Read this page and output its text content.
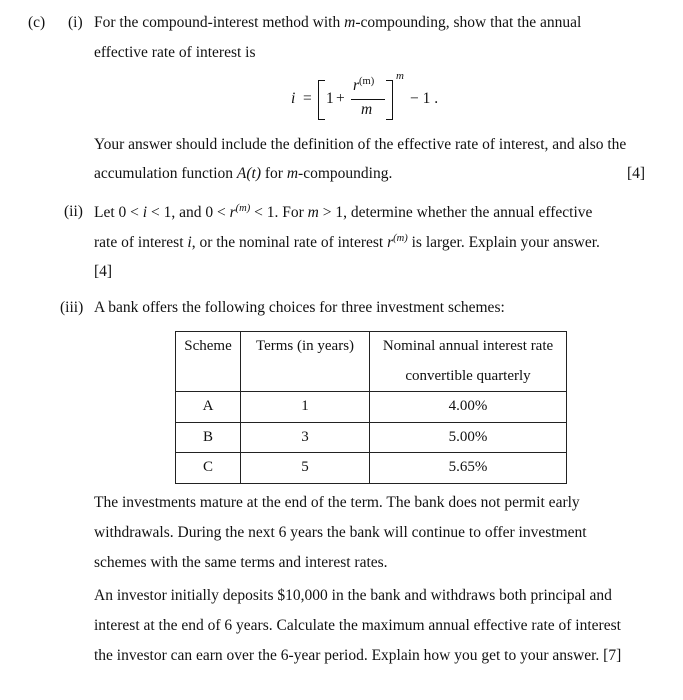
(c) (i) For the compound-interest method with m-compounding, show that the annual
effective rate of interest is
i = 1 +
$r^{(m)}$
m
m
− 1 .
Your answer should include the definition of the effective rate of interest, and also the
accumulation function A(t) for m-compounding.	[4]
(ii) Let 0 < i < 1, and $0 < r^{(m)} < 1$. For m > 1, determine whether the annual effective
rate of interest i, or the nominal rate of interest $r^{(m)}$ is larger. Explain your answer.
[4]
(iii) A bank offers the following choices for three investment schemes:
Scheme	Terms (in years)	Nominal annual interest rate
		convertible quarterly
A	1	4.00%
B	3	5.00%
C	5	5.65%
The investments mature at the end of the term. The bank does not permit early
withdrawals. During the next 6 years the bank will continue to offer investment
schemes with the same terms and interest rates.
An investor initially deposits $10,000 in the bank and withdraws both principal and
interest at the end of 6 years. Calculate the maximum annual effective rate of interest
the investor can earn over the 6-year period. Explain how you get to your answer. [7]
